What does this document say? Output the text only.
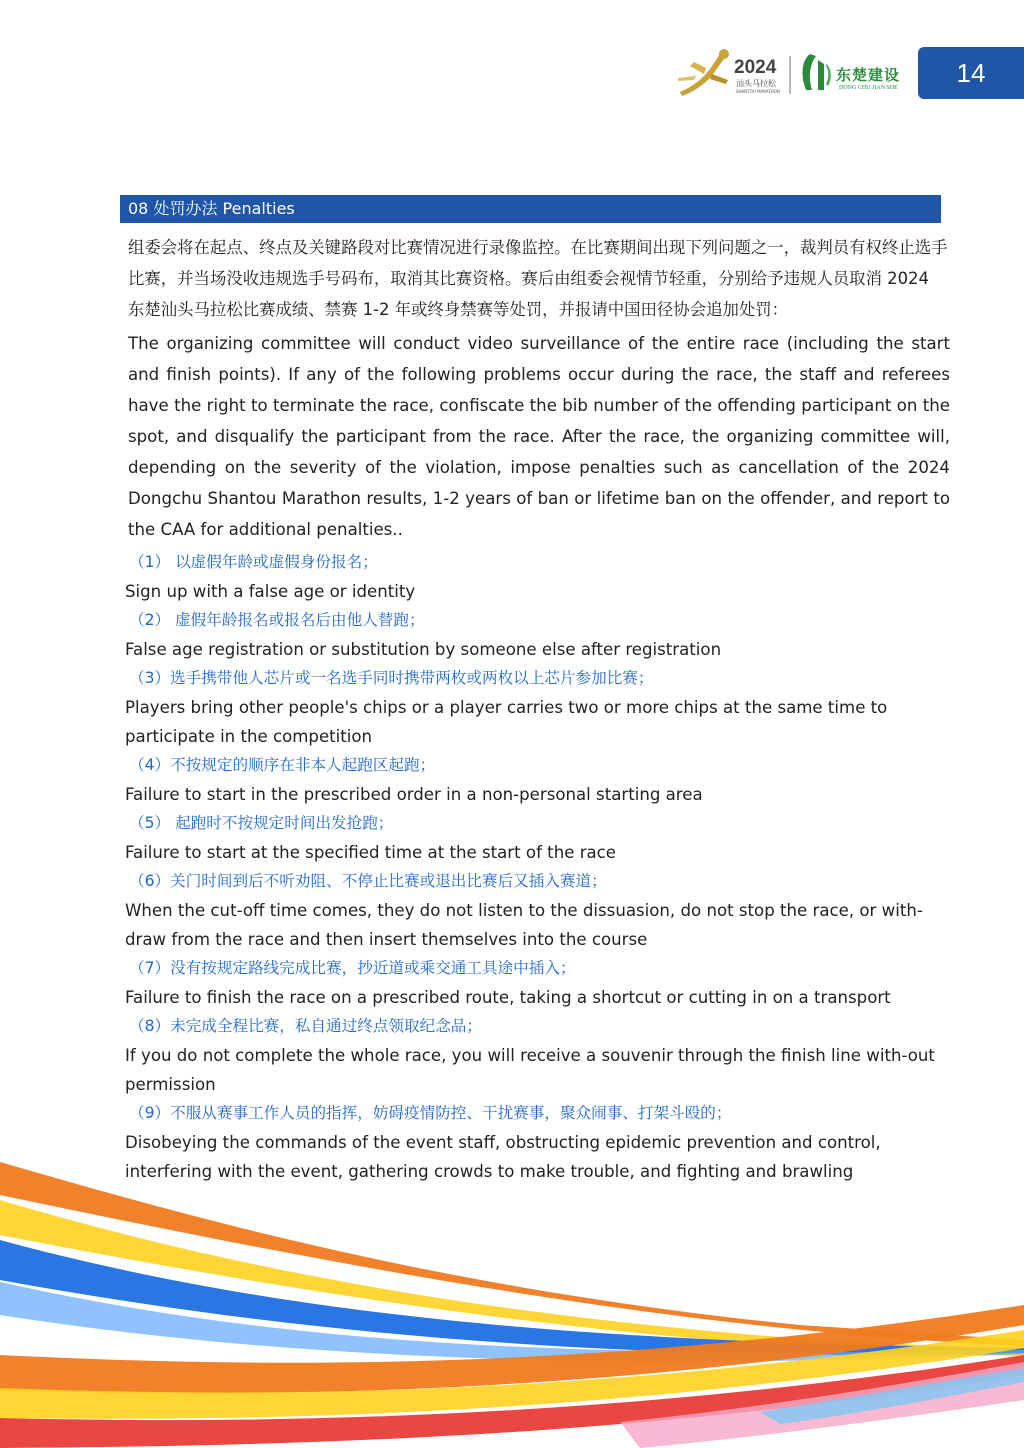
2024
汕头马拉松
SHANTOU MARATHON
东楚建设
DONG CHU JIAN SHE	14
08 处罚办法 Penalties
组委会将在起点、终点及关键路段对比赛情况进行录像监控。在比赛期间出现下列问题之一，裁判员有权终止选手比赛，并当场没收违规选手号码布，取消其比赛资格。赛后由组委会视情节轻重，分别给予违规人员取消 2024 东楚汕头马拉松比赛成绩、禁赛 1-2 年或终身禁赛等处罚，并报请中国田径协会追加处罚：
The organizing committee will conduct video surveillance of the entire race (including the start and finish points). If any of the following problems occur during the race, the staff and referees have the right to terminate the race, confiscate the bib number of the offending participant on the spot, and disqualify the participant from the race. After the race, the organizing committee will, depending on the severity of the violation, impose penalties such as cancellation of the 2024 Dongchu Shantou Marathon results, 1-2 years of ban or lifetime ban on the offender, and report to the CAA for additional penalties..
（1） 以虚假年龄或虚假身份报名；
Sign up with a false age or identity
（2） 虚假年龄报名或报名后由他人替跑；
False age registration or substitution by someone else after registration
（3）选手携带他人芯片或一名选手同时携带两枚或两枚以上芯片参加比赛；
Players bring other people's chips or a player carries two or more chips at the same time to participate in the competition
（4）不按规定的顺序在非本人起跑区起跑；
Failure to start in the prescribed order in a non-personal starting area
（5） 起跑时不按规定时间出发抢跑；
Failure to start at the specified time at the start of the race
（6）关门时间到后不听劝阻、不停止比赛或退出比赛后又插入赛道；
When the cut-off time comes, they do not listen to the dissuasion, do not stop the race, or with-draw from the race and then insert themselves into the course
（7）没有按规定路线完成比赛，抄近道或乘交通工具途中插入；
Failure to finish the race on a prescribed route, taking a shortcut or cutting in on a transport
（8）未完成全程比赛，私自通过终点领取纪念品；
If you do not complete the whole race, you will receive a souvenir through the finish line with-out permission
（9）不服从赛事工作人员的指挥，妨碍疫情防控、干扰赛事，聚众闹事、打架斗殴的；
Disobeying the commands of the event staff, obstructing epidemic prevention and control, interfering with the event, gathering crowds to make trouble, and fighting and brawling
